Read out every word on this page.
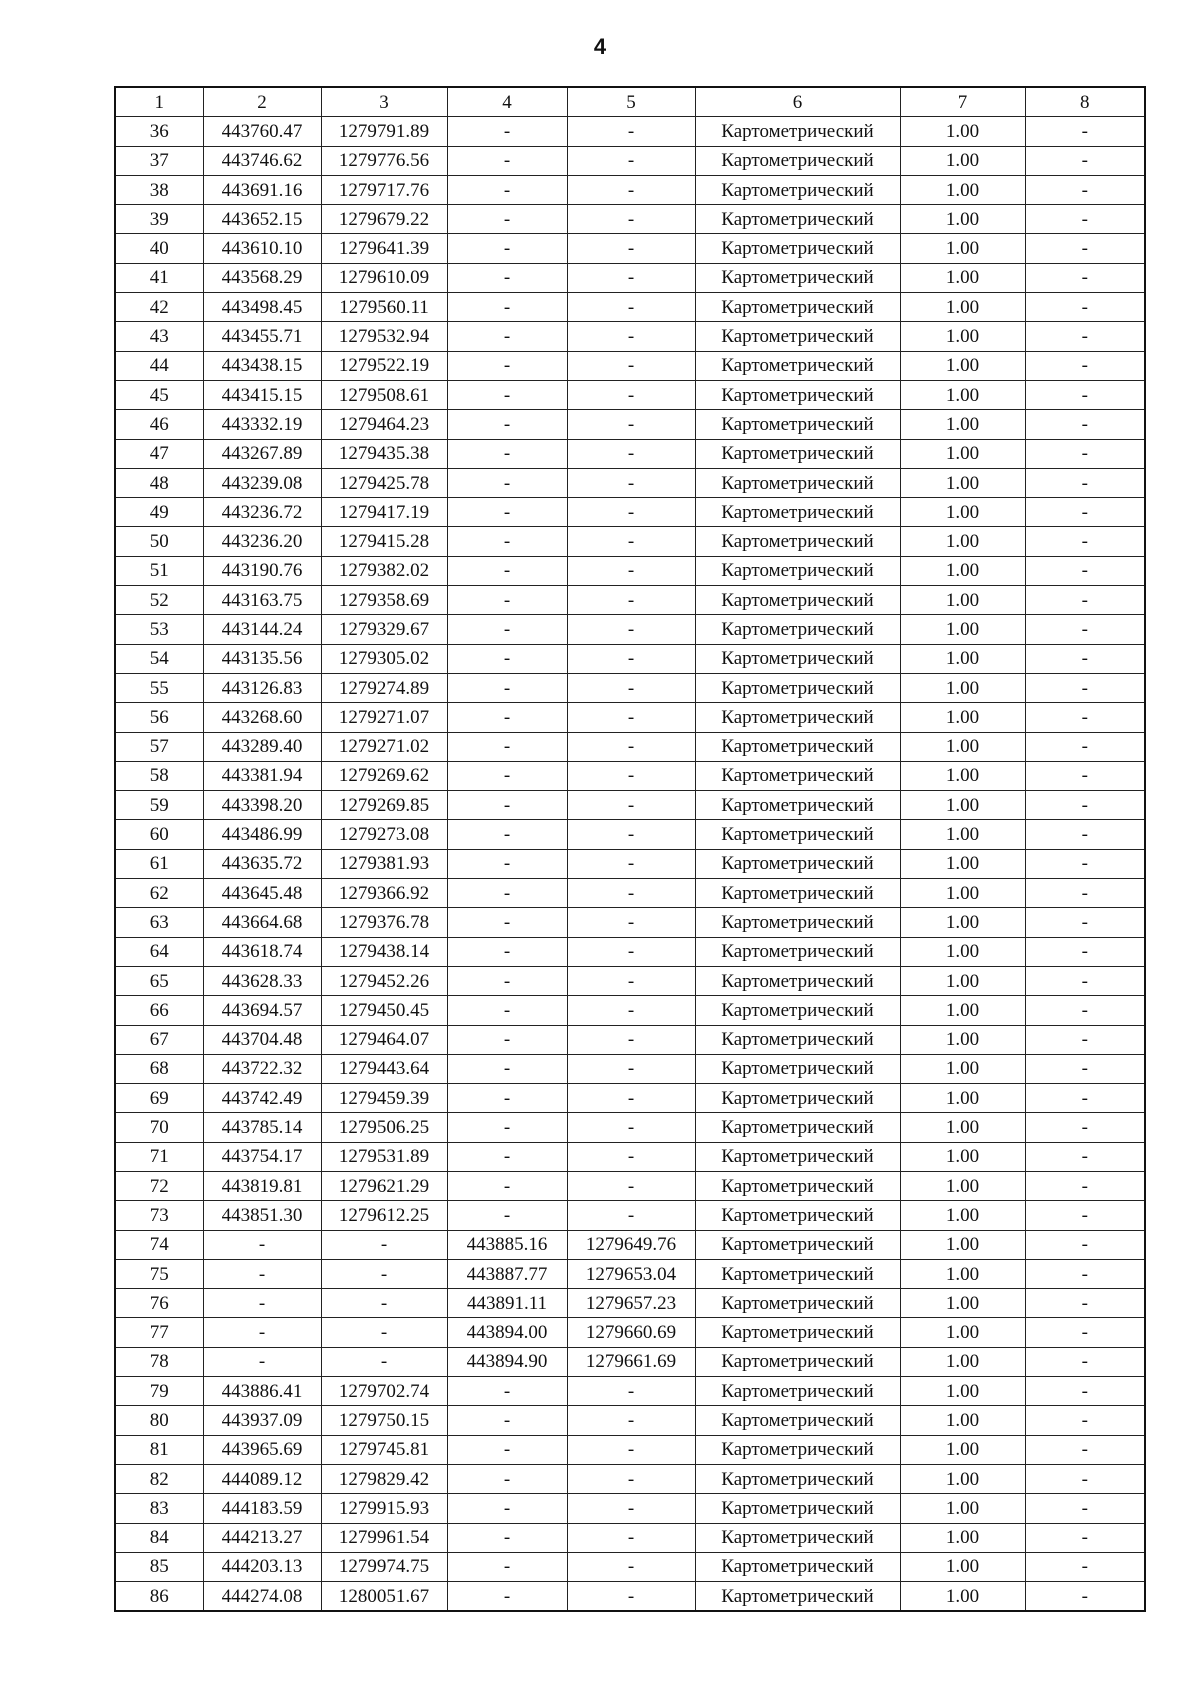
4
1	2	3	4	5	6	7	8
36	443760.47	1279791.89	-	-	Картометрический	1.00	-
37	443746.62	1279776.56	-	-	Картометрический	1.00	-
38	443691.16	1279717.76	-	-	Картометрический	1.00	-
39	443652.15	1279679.22	-	-	Картометрический	1.00	-
40	443610.10	1279641.39	-	-	Картометрический	1.00	-
41	443568.29	1279610.09	-	-	Картометрический	1.00	-
42	443498.45	1279560.11	-	-	Картометрический	1.00	-
43	443455.71	1279532.94	-	-	Картометрический	1.00	-
44	443438.15	1279522.19	-	-	Картометрический	1.00	-
45	443415.15	1279508.61	-	-	Картометрический	1.00	-
46	443332.19	1279464.23	-	-	Картометрический	1.00	-
47	443267.89	1279435.38	-	-	Картометрический	1.00	-
48	443239.08	1279425.78	-	-	Картометрический	1.00	-
49	443236.72	1279417.19	-	-	Картометрический	1.00	-
50	443236.20	1279415.28	-	-	Картометрический	1.00	-
51	443190.76	1279382.02	-	-	Картометрический	1.00	-
52	443163.75	1279358.69	-	-	Картометрический	1.00	-
53	443144.24	1279329.67	-	-	Картометрический	1.00	-
54	443135.56	1279305.02	-	-	Картометрический	1.00	-
55	443126.83	1279274.89	-	-	Картометрический	1.00	-
56	443268.60	1279271.07	-	-	Картометрический	1.00	-
57	443289.40	1279271.02	-	-	Картометрический	1.00	-
58	443381.94	1279269.62	-	-	Картометрический	1.00	-
59	443398.20	1279269.85	-	-	Картометрический	1.00	-
60	443486.99	1279273.08	-	-	Картометрический	1.00	-
61	443635.72	1279381.93	-	-	Картометрический	1.00	-
62	443645.48	1279366.92	-	-	Картометрический	1.00	-
63	443664.68	1279376.78	-	-	Картометрический	1.00	-
64	443618.74	1279438.14	-	-	Картометрический	1.00	-
65	443628.33	1279452.26	-	-	Картометрический	1.00	-
66	443694.57	1279450.45	-	-	Картометрический	1.00	-
67	443704.48	1279464.07	-	-	Картометрический	1.00	-
68	443722.32	1279443.64	-	-	Картометрический	1.00	-
69	443742.49	1279459.39	-	-	Картометрический	1.00	-
70	443785.14	1279506.25	-	-	Картометрический	1.00	-
71	443754.17	1279531.89	-	-	Картометрический	1.00	-
72	443819.81	1279621.29	-	-	Картометрический	1.00	-
73	443851.30	1279612.25	-	-	Картометрический	1.00	-
74	-	-	443885.16	1279649.76	Картометрический	1.00	-
75	-	-	443887.77	1279653.04	Картометрический	1.00	-
76	-	-	443891.11	1279657.23	Картометрический	1.00	-
77	-	-	443894.00	1279660.69	Картометрический	1.00	-
78	-	-	443894.90	1279661.69	Картометрический	1.00	-
79	443886.41	1279702.74	-	-	Картометрический	1.00	-
80	443937.09	1279750.15	-	-	Картометрический	1.00	-
81	443965.69	1279745.81	-	-	Картометрический	1.00	-
82	444089.12	1279829.42	-	-	Картометрический	1.00	-
83	444183.59	1279915.93	-	-	Картометрический	1.00	-
84	444213.27	1279961.54	-	-	Картометрический	1.00	-
85	444203.13	1279974.75	-	-	Картометрический	1.00	-
86	444274.08	1280051.67	-	-	Картометрический	1.00	-
